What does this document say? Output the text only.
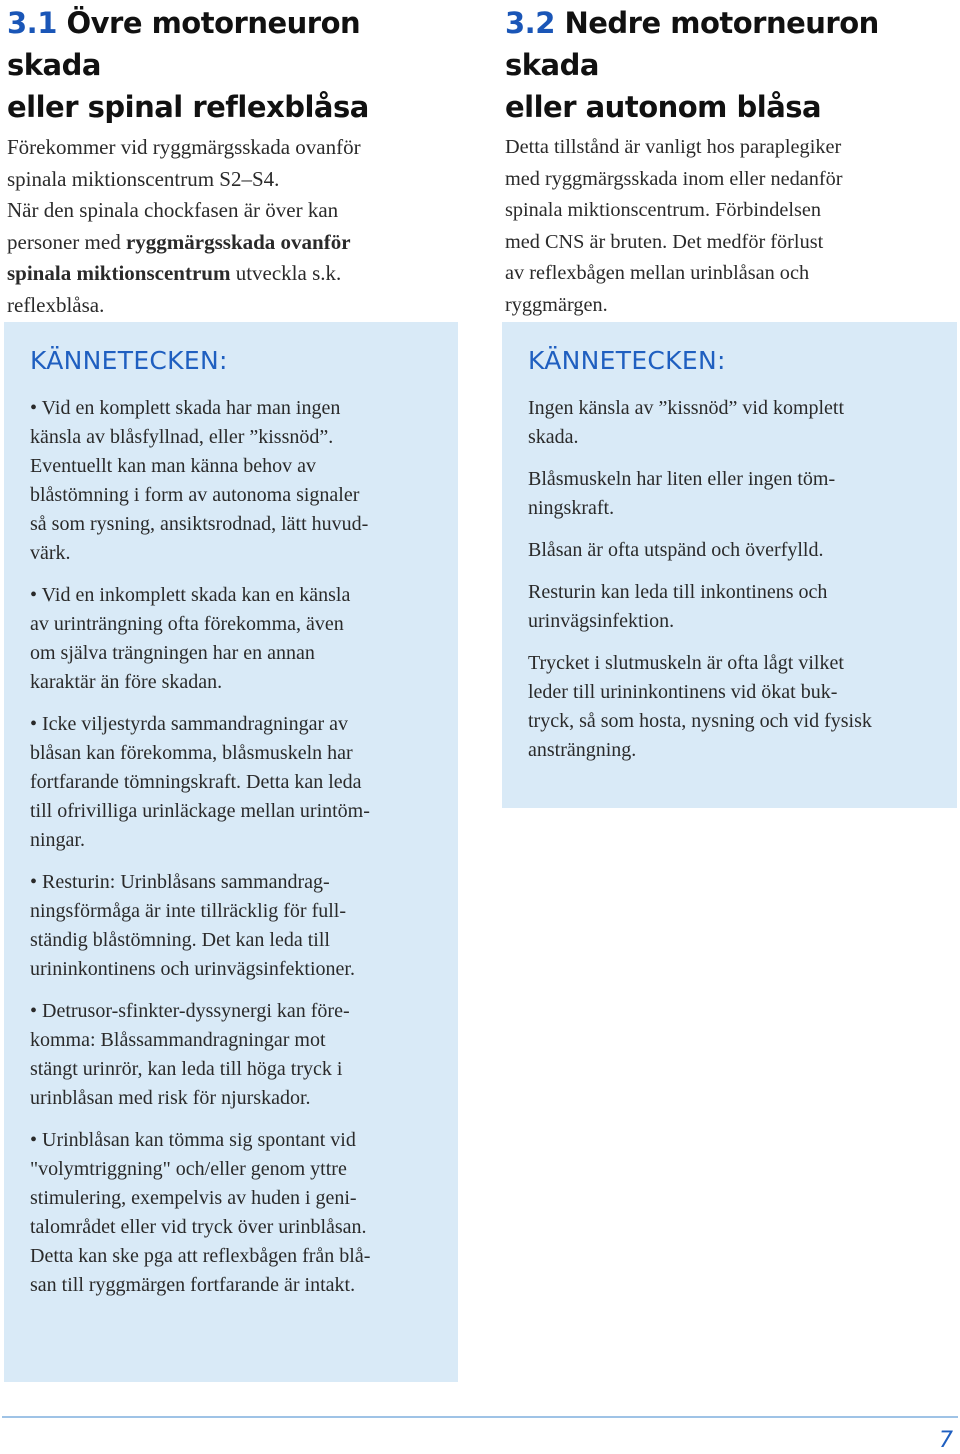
3.1 Övre motorneuron skada
eller spinal reflexblåsa
Förekommer vid ryggmärgsskada ovanför
spinala miktionscentrum S2–S4.
När den spinala chockfasen är över kan
personer med ryggmärgsskada ovanför
spinala miktionscentrum utveckla s.k.
reflexblåsa.
3.2 Nedre motorneuron skada
eller autonom blåsa
Detta tillstånd är vanligt hos paraplegiker
med ryggmärgsskada inom eller nedanför
spinala miktionscentrum. Förbindelsen
med CNS är bruten. Det medför förlust
av reflexbågen mellan urinblåsan och
ryggmärgen.
KÄNNETECKEN:
• Vid en komplett skada har man ingen
känsla av blåsfyllnad, eller ”kissnöd”.
Eventuellt kan man känna behov av
blåstömning i form av autonoma signaler
så som rysning, ansiktsrodnad, lätt huvud-
värk.
• Vid en inkomplett skada kan en känsla
av urinträngning ofta förekomma, även
om själva trängningen har en annan
karaktär än före skadan.
• Icke viljestyrda sammandragningar av
blåsan kan förekomma, blåsmuskeln har
fortfarande tömningskraft. Detta kan leda
till ofrivilliga urinläckage mellan urintöm-
ningar.
• Resturin: Urinblåsans sammandrag-
ningsförmåga är inte tillräcklig för full-
ständig blåstömning. Det kan leda till
urininkontinens och urinvägsinfektioner.
• Detrusor-sfinkter-dyssynergi kan före-
komma: Blåssammandragningar mot
stängt urinrör, kan leda till höga tryck i
urinblåsan med risk för njurskador.
• Urinblåsan kan tömma sig spontant vid
"volymtriggning" och/eller genom yttre
stimulering, exempelvis av huden i geni-
talområdet eller vid tryck över urinblåsan.
Detta kan ske pga att reflexbågen från blå-
san till ryggmärgen fortfarande är intakt.
KÄNNETECKEN:
Ingen känsla av ”kissnöd” vid komplett
skada.
Blåsmuskeln har liten eller ingen töm-
ningskraft.
Blåsan är ofta utspänd och överfylld.
Resturin kan leda till inkontinens och
urinvägsinfektion.
Trycket i slutmuskeln är ofta lågt vilket
leder till urininkontinens vid ökat buk-
tryck, så som hosta, nysning och vid fysisk
ansträngning.
7
